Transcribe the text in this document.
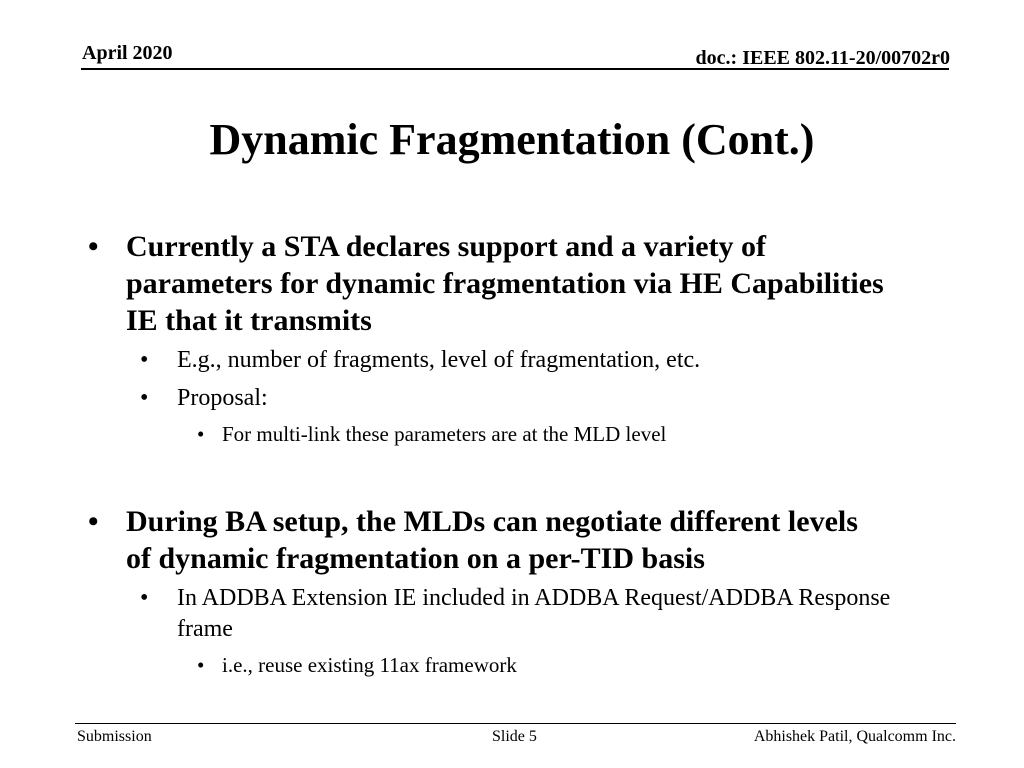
April 2020	doc.: IEEE 802.11-20/00702r0
Dynamic Fragmentation (Cont.)
• Currently a STA declares support and a variety of parameters for dynamic fragmentation via HE Capabilities IE that it transmits
• E.g., number of fragments, level of fragmentation, etc.
• Proposal:
• For multi-link these parameters are at the MLD level
• During BA setup, the MLDs can negotiate different levels of dynamic fragmentation on a per-TID basis
• In ADDBA Extension IE included in ADDBA Request/ADDBA Response frame
• i.e., reuse existing 11ax framework
Submission	Slide 5	Abhishek Patil, Qualcomm Inc.
